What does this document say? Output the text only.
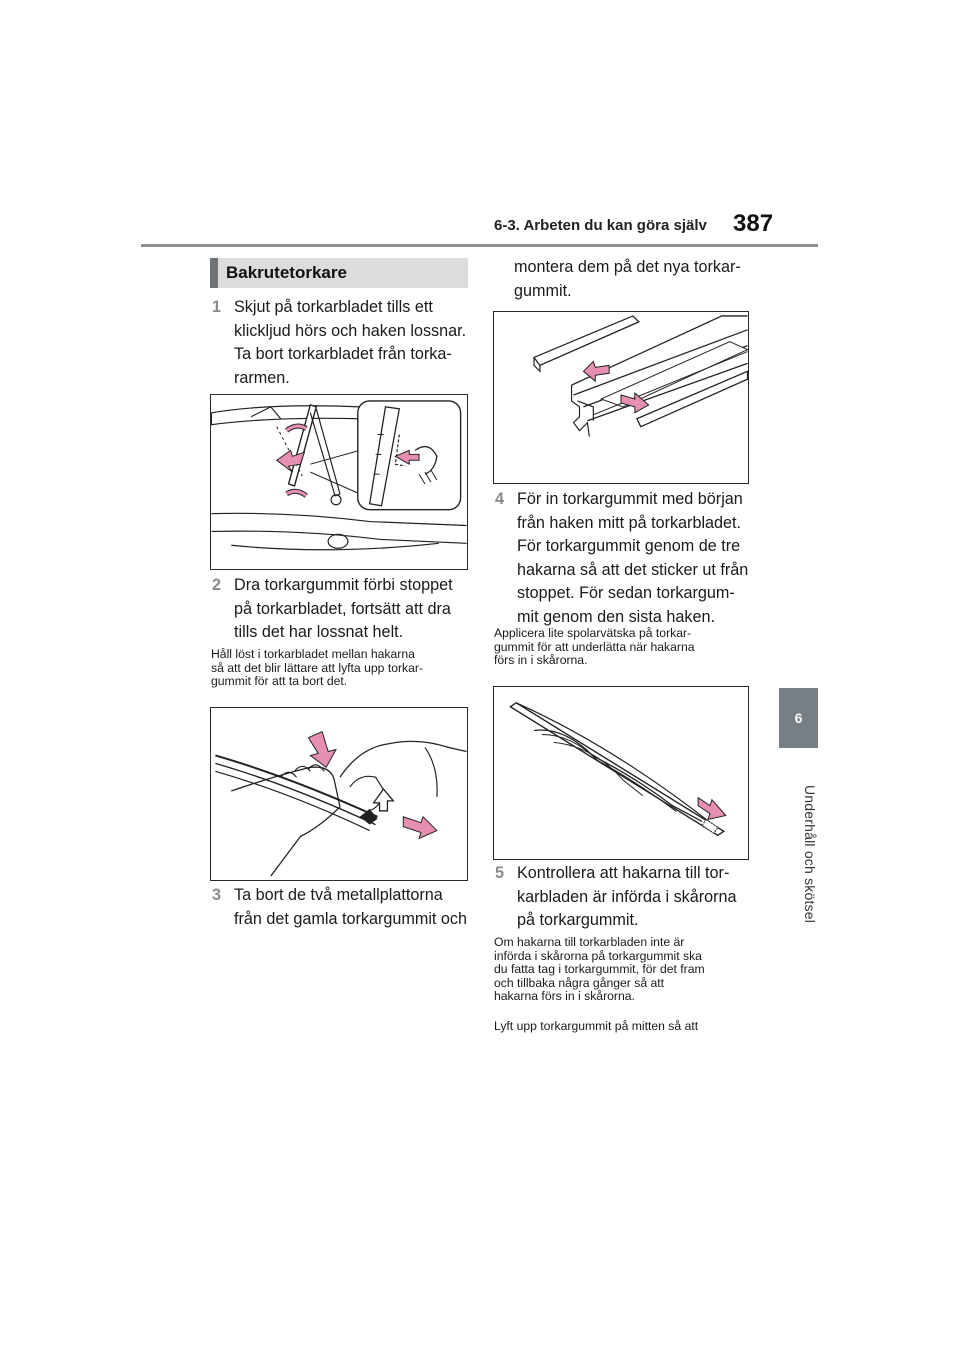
6-3. Arbeten du kan göra själv 387
6
Underhåll och skötsel
Bakrutetorkare
1 Skjut på torkarbladet tills ett
klickljud hörs och haken lossnar.
Ta bort torkarbladet från torka-
rarmen.
2 Dra torkargummit förbi stoppet
på torkarbladet, fortsätt att dra
tills det har lossnat helt.
Håll löst i torkarbladet mellan hakarna
så att det blir lättare att lyfta upp torkar-
gummit för att ta bort det.
3 Ta bort de två metallplattorna
från det gamla torkargummit och
montera dem på det nya torkar-
gummit.
4 För in torkargummit med början
från haken mitt på torkarbladet.
För torkargummit genom de tre
hakarna så att det sticker ut från
stoppet. För sedan torkargum-
mit genom den sista haken.
Applicera lite spolarvätska på torkar-
gummit för att underlätta när hakarna
förs in i skårorna.
5 Kontrollera att hakarna till tor-
karbladen är införda i skårorna
på torkargummit.
Om hakarna till torkarbladen inte är
införda i skårorna på torkargummit ska
du fatta tag i torkargummit, för det fram
och tillbaka några gånger så att
hakarna förs in i skårorna.
Lyft upp torkargummit på mitten så att
